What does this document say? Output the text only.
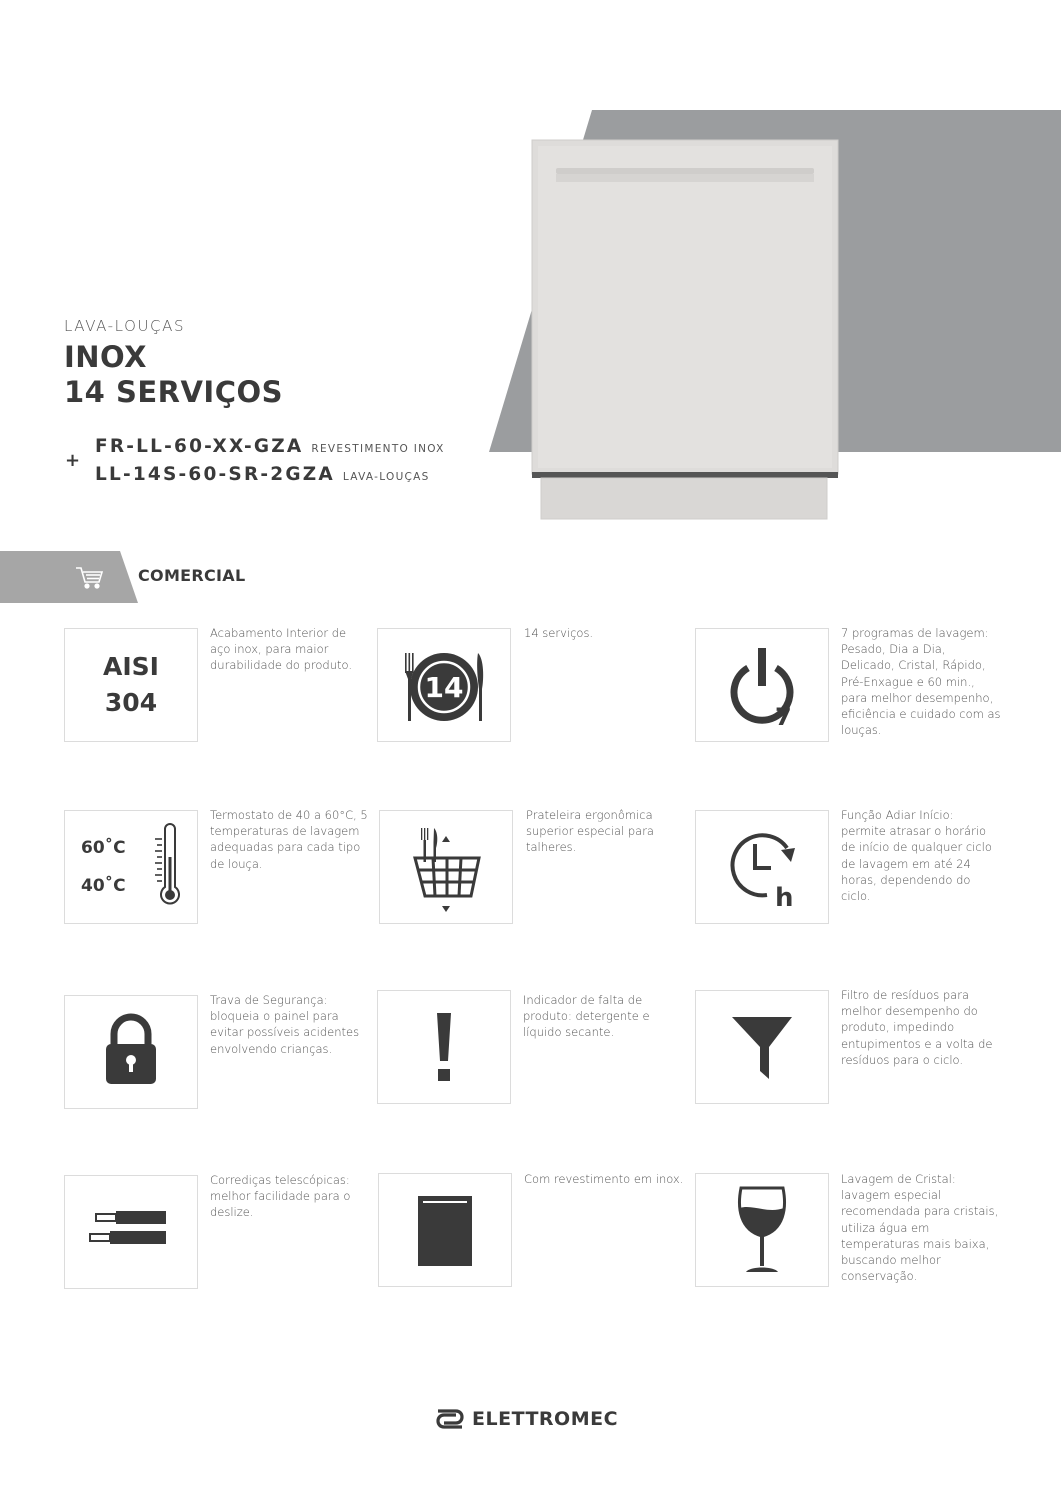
LAVA-LOUÇAS
INOX
14 SERVIÇOS
+
FR-LL-60-XX-GZA REVESTIMENTO INOX
LL-14S-60-SR-2GZA LAVA-LOUÇAS
COMERCIAL
AISI
304
Acabamento Interior de aço inox, para maior durabilidade do produto.
14
14 serviços.
7
7 programas de lavagem: Pesado, Dia a Dia, Delicado, Cristal, Rápido, Pré-Enxague e 60 min., para melhor desempenho, eficiência e cuidado com as louças.
60˚C
40˚C
Termostato de 40 a 60°C, 5 temperaturas de lavagem adequadas para cada tipo de louça.
Prateleira ergonômica superior especial para talheres.
h
Função Adiar Início: permite atrasar o horário de início de qualquer ciclo de lavagem em até 24 horas, dependendo do ciclo.
Trava de Segurança: bloqueia o painel para evitar possíveis acidentes envolvendo crianças.
Indicador de falta de produto: detergente e líquido secante.
Filtro de resíduos para melhor desempenho do produto, impedindo entupimentos e a volta de resíduos para o ciclo.
Corrediças telescópicas: melhor facilidade para o deslize.
Com revestimento em inox.	Lavagem de Cristal: lavagem especial recomendada para cristais, utiliza água em temperaturas mais baixa, buscando melhor conservação.
ELETTROMEC
